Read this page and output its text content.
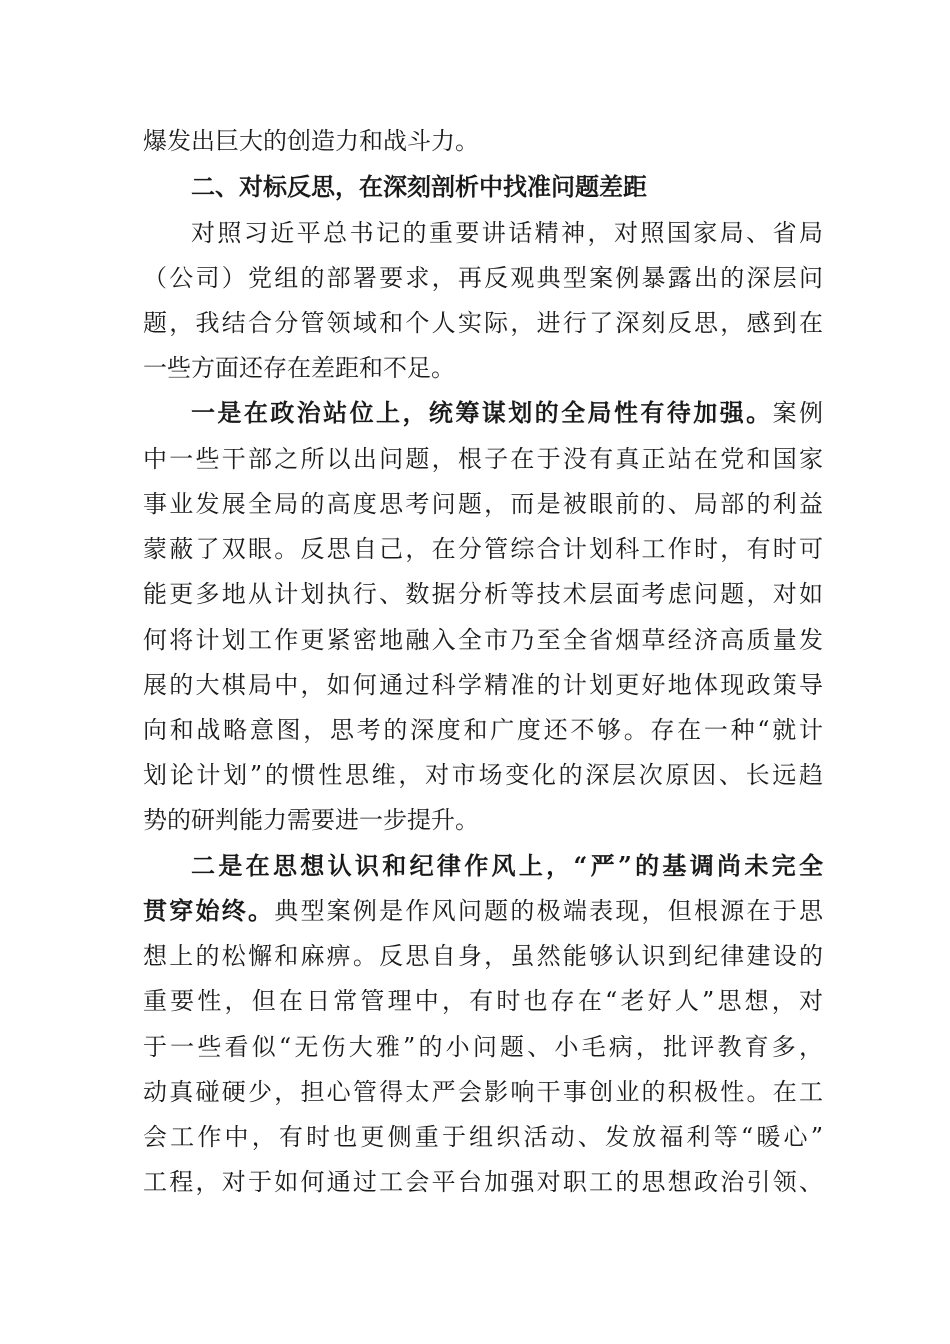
爆发出巨大的创造力和战斗力。
二、对标反思，在深刻剖析中找准问题差距
对照习近平总书记的重要讲话精神，对照国家局、省局
（公司）党组的部署要求，再反观典型案例暴露出的深层问
题，我结合分管领域和个人实际，进行了深刻反思，感到在
一些方面还存在差距和不足。
一是在政治站位上，统筹谋划的全局性有待加强。案例
中一些干部之所以出问题，根子在于没有真正站在党和国家
事业发展全局的高度思考问题，而是被眼前的、局部的利益
蒙蔽了双眼。反思自己，在分管综合计划科工作时，有时可
能更多地从计划执行、数据分析等技术层面考虑问题，对如
何将计划工作更紧密地融入全市乃至全省烟草经济高质量发
展的大棋局中，如何通过科学精准的计划更好地体现政策导
向和战略意图，思考的深度和广度还不够。存在一种“就计
划论计划”的惯性思维，对市场变化的深层次原因、长远趋
势的研判能力需要进一步提升。
二是在思想认识和纪律作风上，“严”的基调尚未完全
贯穿始终。典型案例是作风问题的极端表现，但根源在于思
想上的松懈和麻痹。反思自身，虽然能够认识到纪律建设的
重要性，但在日常管理中，有时也存在“老好人”思想，对
于一些看似“无伤大雅”的小问题、小毛病，批评教育多，
动真碰硬少，担心管得太严会影响干事创业的积极性。在工
会工作中，有时也更侧重于组织活动、发放福利等“暖心”
工程，对于如何通过工会平台加强对职工的思想政治引领、
